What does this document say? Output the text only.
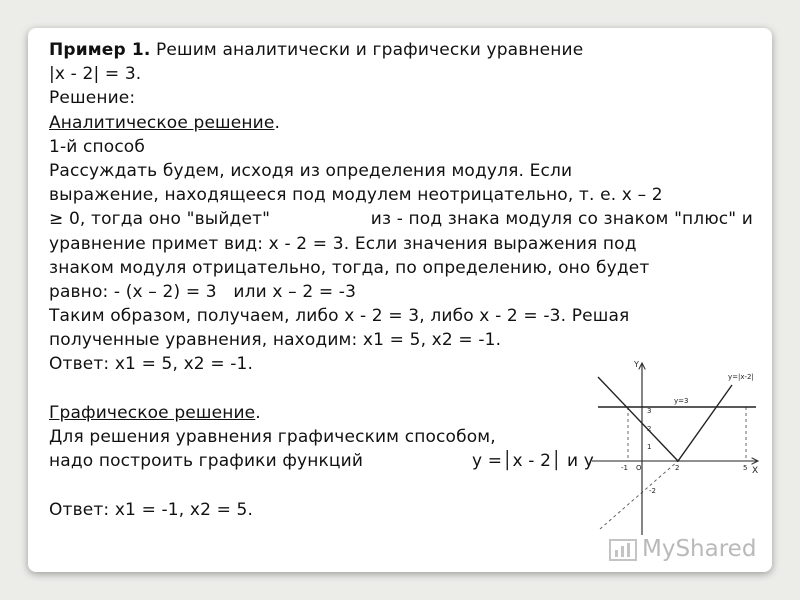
Пример 1. Решим аналитически и графически уравнение
|x - 2| = 3.
Решение:
Аналитическое решение.
1-й способ
Рассуждать будем, исходя из определения модуля. Если
выражение, находящееся под модулем неотрицательно, т. е. х – 2
≥ 0, тогда оно "выйдет"	из - под знака модуля со знаком "плюс" и
уравнение примет вид: х - 2 = 3. Если значения выражения под
знаком модуля отрицательно, тогда, по определению, оно будет
равно: - (х – 2) = 3   или х – 2 = -3
Таким образом, получаем, либо х - 2 = 3, либо х - 2 = -3. Решая
полученные уравнения, находим: х1 = 5, х2 = -1.
Ответ: х1 = 5, х2 = -1.
Графическое решение.
Для решения уравнения графическим способом,
надо построить графики функций	у =│х - 2│ и у
Ответ: х1 = -1, х2 = 5.
Y
X
y=3
y=|x-2|
3
2
1
-1 O	2	5
-2
MyShared
